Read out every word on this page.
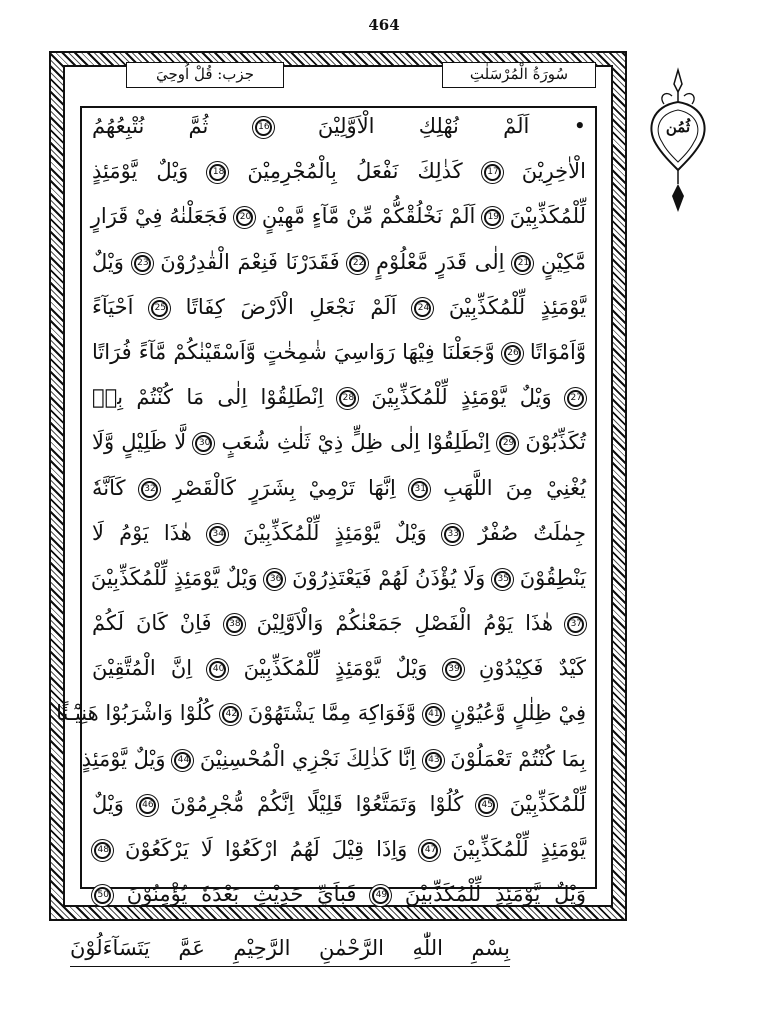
464
سُورَةُ الْمُرْسَلٰتِ
جزب: قُلْ اُوحِيَ
ثُمُن
• اَلَمْ نُهْلِكِ الْاَوَّلِيْنَ 16 ثُمَّ نُتْبِعُهُمُ
الْاٰخِرِيْنَ 17 كَذٰلِكَ نَفْعَلُ بِالْمُجْرِمِيْنَ 18 وَيْلٌ يَّوْمَئِذٍ
لِّلْمُكَذِّبِيْنَ 19 اَلَمْ نَخْلُقْكُّمْ مِّنْ مَّآءٍ مَّهِيْنٍ 20 فَجَعَلْنٰهُ فِيْ قَرَارٍ
مَّكِيْنٍ 21 اِلٰى قَدَرٍ مَّعْلُوْمٍ 22 فَقَدَرْنَا فَنِعْمَ الْقٰدِرُوْنَ 23 وَيْلٌ
يَّوْمَئِذٍ لِّلْمُكَذِّبِيْنَ 24 اَلَمْ نَجْعَلِ الْاَرْضَ كِفَاتًا 25 اَحْيَآءً
وَّاَمْوَاتًا 26 وَّجَعَلْنَا فِيْهَا رَوَاسِيَ شٰمِخٰتٍ وَّاَسْقَيْنٰكُمْ مَّآءً فُرَاتًا
27 وَيْلٌ يَّوْمَئِذٍ لِّلْمُكَذِّبِيْنَ 28 اِنْطَلِقُوْا اِلٰى مَا كُنْتُمْ بِهٖ
تُكَذِّبُوْنَ 29 اِنْطَلِقُوْا اِلٰى ظِلٍّ ذِيْ ثَلٰثِ شُعَبٍ 30 لَّا ظَلِيْلٍ وَّلَا
يُغْنِيْ مِنَ اللَّهَبِ 31 اِنَّهَا تَرْمِيْ بِشَرَرٍ كَالْقَصْرِ 32 كَاَنَّهٗ
جِمٰلَتٌ صُفْرٌ 33 وَيْلٌ يَّوْمَئِذٍ لِّلْمُكَذِّبِيْنَ 34 هٰذَا يَوْمُ لَا
يَنْطِقُوْنَ 35 وَلَا يُؤْذَنُ لَهُمْ فَيَعْتَذِرُوْنَ 36 وَيْلٌ يَّوْمَئِذٍ لِّلْمُكَذِّبِيْنَ
37 هٰذَا يَوْمُ الْفَصْلِ جَمَعْنٰكُمْ وَالْاَوَّلِيْنَ 38 فَاِنْ كَانَ لَكُمْ
كَيْدٌ فَكِيْدُوْنِ 39 وَيْلٌ يَّوْمَئِذٍ لِّلْمُكَذِّبِيْنَ 40 اِنَّ الْمُتَّقِيْنَ
فِيْ ظِلٰلٍ وَّعُيُوْنٍ 41 وَّفَوَاكِهَ مِمَّا يَشْتَهُوْنَ 42 كُلُوْا وَاشْرَبُوْا هَنِيْٓـئًا
بِمَا كُنْتُمْ تَعْمَلُوْنَ 43 اِنَّا كَذٰلِكَ نَجْزِي الْمُحْسِنِيْنَ 44 وَيْلٌ يَّوْمَئِذٍ
لِّلْمُكَذِّبِيْنَ 45 كُلُوْا وَتَمَتَّعُوْا قَلِيْلًا اِنَّكُمْ مُّجْرِمُوْنَ 46 وَيْلٌ
يَّوْمَئِذٍ لِّلْمُكَذِّبِيْنَ 47 وَاِذَا قِيْلَ لَهُمُ ارْكَعُوْا لَا يَرْكَعُوْنَ 48
وَيْلٌ يَّوْمَئِذٍ لِّلْمُكَذِّبِيْنَ 49 فَبِاَيِّ حَدِيْثٍ بَعْدَهٗ يُؤْمِنُوْنَ 50
بِسْمِ اللّٰهِ الرَّحْمٰنِ الرَّحِيْمِ عَمَّ يَتَسَآءَلُوْنَ
